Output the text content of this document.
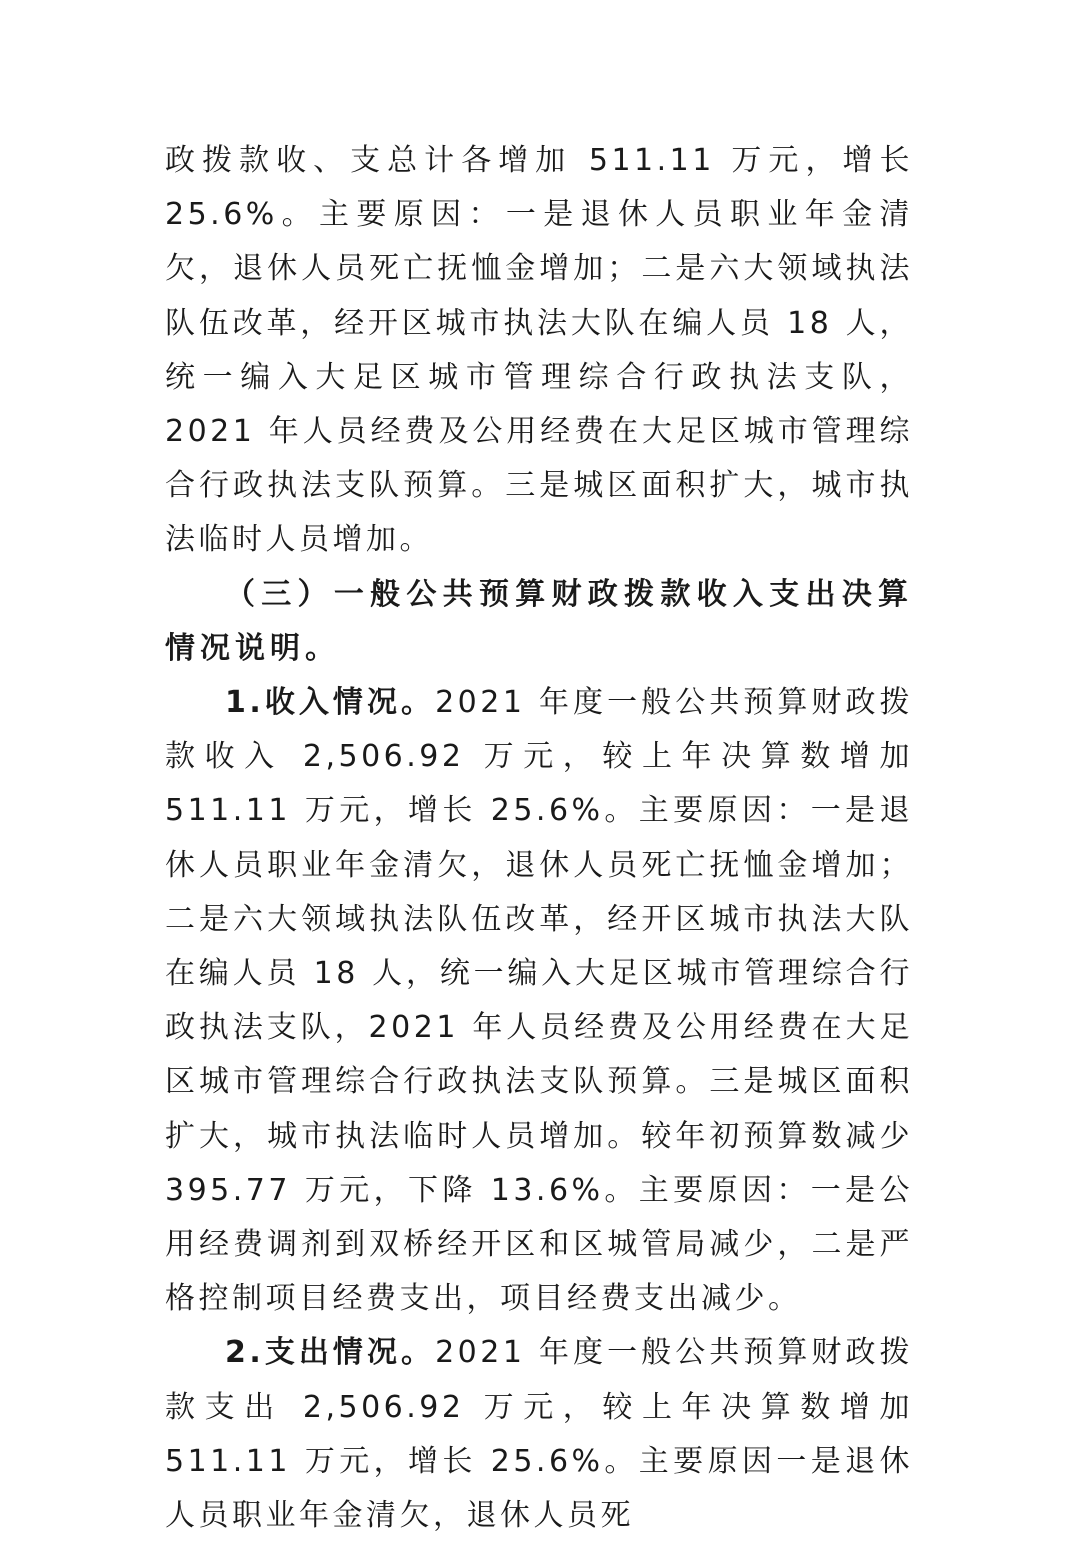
政拨款收、支总计各增加 511.11 万元，增长 25.6%。主要原因：一是退休人员职业年金清欠，退休人员死亡抚恤金增加；二是六大领域执法队伍改革，经开区城市执法大队在编人员 18 人，统一编入大足区城市管理综合行政执法支队，2021 年人员经费及公用经费在大足区城市管理综合行政执法支队预算。三是城区面积扩大，城市执法临时人员增加。

（三）一般公共预算财政拨款收入支出决算情况说明。

1.收入情况。2021 年度一般公共预算财政拨款收入 2,506.92 万元，较上年决算数增加 511.11 万元，增长 25.6%。主要原因：一是退休人员职业年金清欠，退休人员死亡抚恤金增加；二是六大领域执法队伍改革，经开区城市执法大队在编人员 18 人，统一编入大足区城市管理综合行政执法支队，2021 年人员经费及公用经费在大足区城市管理综合行政执法支队预算。三是城区面积扩大，城市执法临时人员增加。较年初预算数减少 395.77 万元，下降 13.6%。主要原因：一是公用经费调剂到双桥经开区和区城管局减少，二是严格控制项目经费支出，项目经费支出减少。

2.支出情况。2021 年度一般公共预算财政拨款支出 2,506.92 万元，较上年决算数增加 511.11 万元，增长 25.6%。主要原因一是退休人员职业年金清欠，退休人员死
